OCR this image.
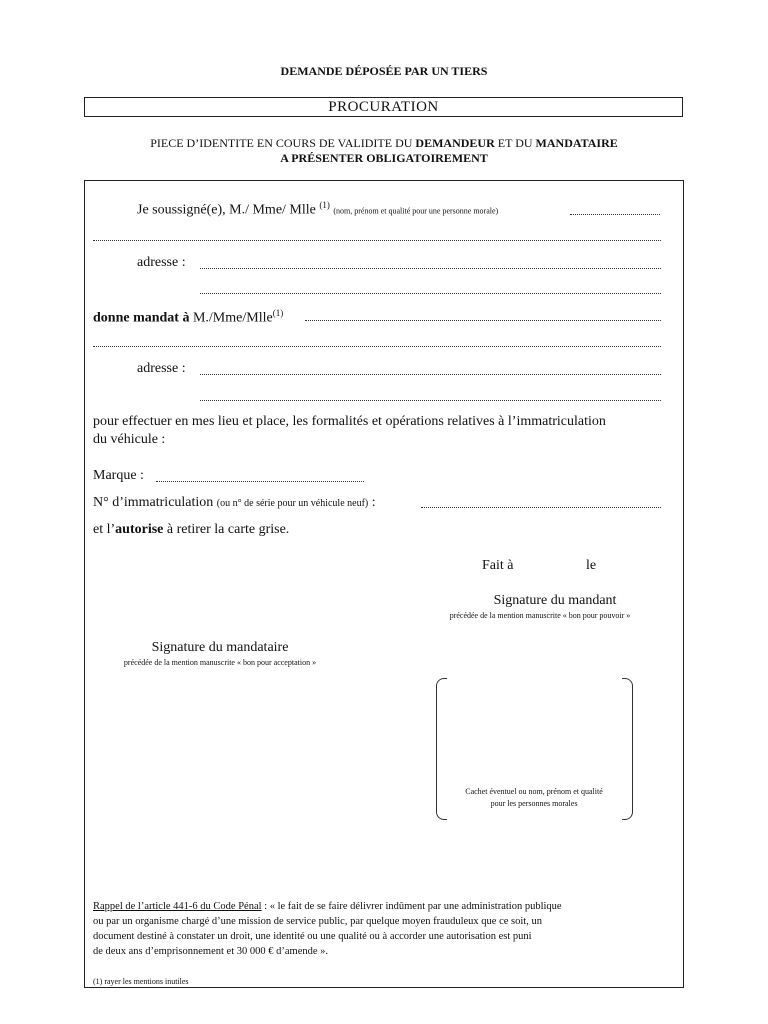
DEMANDE DÉPOSÉE PAR UN TIERS
PROCURATION
PIECE D’IDENTITE EN COURS DE VALIDITE DU DEMANDEUR ET DU MANDATAIRE
A PRÉSENTER OBLIGATOIREMENT
Je soussigné(e), M./ Mme/ Mlle $^{(1)}$ (nom, prénom et qualité pour une personne morale)
adresse :
donne mandat à M./Mme/Mlle$^{(1)}$
adresse :
pour effectuer en mes lieu et place, les formalités et opérations relatives à l’immatriculation
du véhicule :
Marque :
N° d’immatriculation (ou n° de série pour un véhicule neuf) :
et l’autorise à retirer la carte grise.
Fait à	le
Signature du mandant
précédée de la mention manuscrite « bon pour pouvoir »
Signature du mandataire
précédée de la mention manuscrite « bon pour acceptation »
Cachet éventuel ou nom, prénom et qualité
pour les personnes morales
Rappel de l’article 441-6 du Code Pénal : « le fait de se faire délivrer indûment par une administration publique
ou par un organisme chargé d’une mission de service public, par quelque moyen frauduleux que ce soit, un
document destiné à constater un droit, une identité ou une qualité ou à accorder une autorisation est puni
de deux ans d’emprisonnement et 30 000 € d’amende ».
(1) rayer les mentions inutiles
